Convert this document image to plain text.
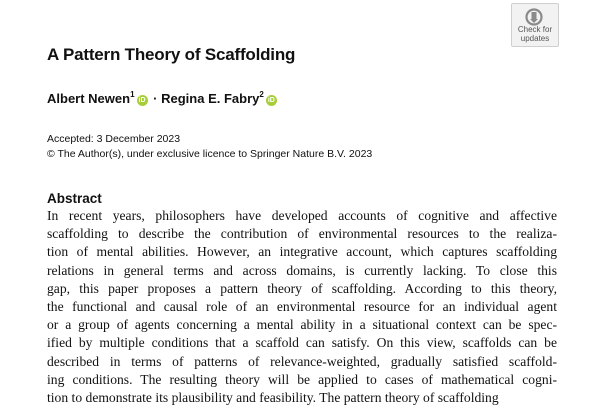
Check for
updates
A Pattern Theory of Scaffolding
Albert Newen$^1$iD · Regina E. Fabry$^2$iD
Accepted: 3 December 2023
© The Author(s), under exclusive licence to Springer Nature B.V. 2023
Abstract
In recent years, philosophers have developed accounts of cognitive and affective
scaffolding to describe the contribution of environmental resources to the realiza-
tion of mental abilities. However, an integrative account, which captures scaffolding
relations in general terms and across domains, is currently lacking. To close this
gap, this paper proposes a pattern theory of scaffolding. According to this theory,
the functional and causal role of an environmental resource for an individual agent
or a group of agents concerning a mental ability in a situational context can be spec-
ified by multiple conditions that a scaffold can satisfy. On this view, scaffolds can be
described in terms of patterns of relevance-weighted, gradually satisfied scaffold-
ing conditions. The resulting theory will be applied to cases of mathematical cogni-
tion to demonstrate its plausibility and feasibility. The pattern theory of scaffolding
